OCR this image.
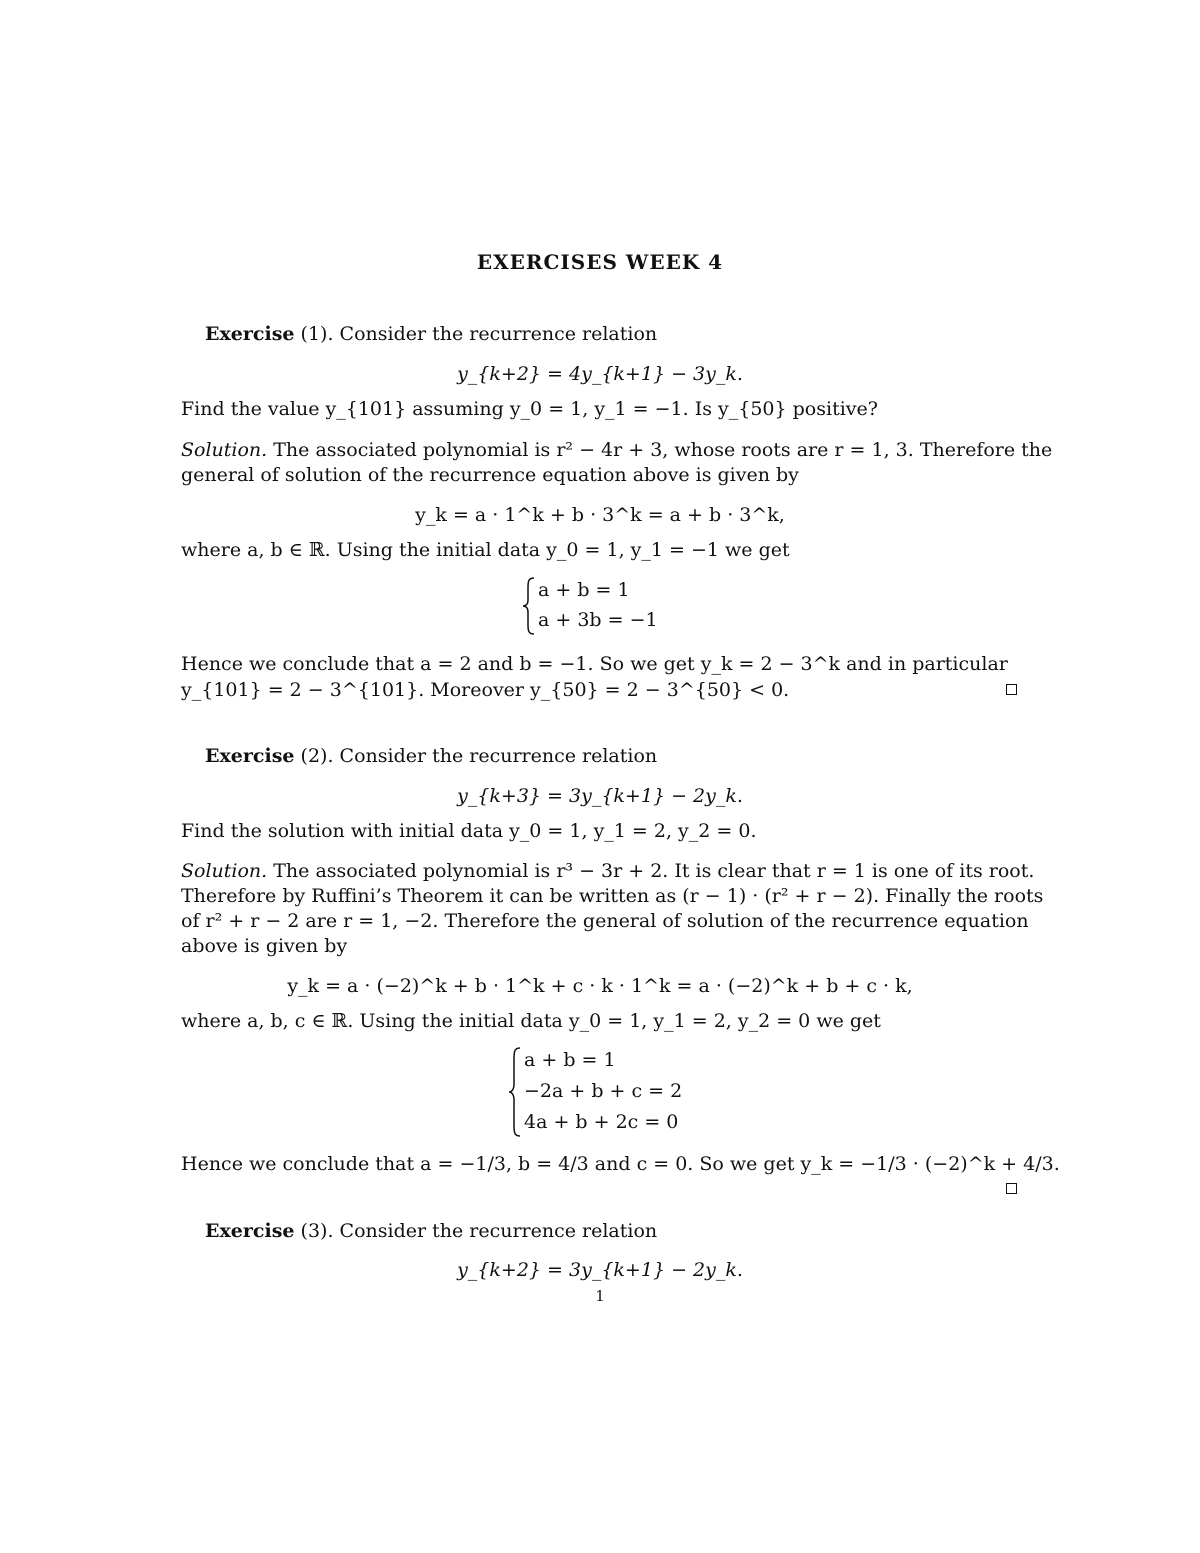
EXERCISES WEEK 4
Exercise (1). Consider the recurrence relation
y_{k+2} = 4y_{k+1} − 3y_k.
Find the value y_{101} assuming y_0 = 1, y_1 = −1. Is y_{50} positive?
Solution. The associated polynomial is r² − 4r + 3, whose roots are r = 1, 3. Therefore the
general of solution of the recurrence equation above is given by
y_k = a · 1^k + b · 3^k = a + b · 3^k,
where a, b ∈ ℝ. Using the initial data y_0 = 1, y_1 = −1 we get
a + b = 1
a + 3b = −1
Hence we conclude that a = 2 and b = −1. So we get y_k = 2 − 3^k and in particular
y_{101} = 2 − 3^{101}. Moreover y_{50} = 2 − 3^{50} < 0.
Exercise (2). Consider the recurrence relation
y_{k+3} = 3y_{k+1} − 2y_k.
Find the solution with initial data y_0 = 1, y_1 = 2, y_2 = 0.
Solution. The associated polynomial is r³ − 3r + 2. It is clear that r = 1 is one of its root.
Therefore by Ruffini’s Theorem it can be written as (r − 1) · (r² + r − 2). Finally the roots
of r² + r − 2 are r = 1, −2. Therefore the general of solution of the recurrence equation
above is given by
y_k = a · (−2)^k + b · 1^k + c · k · 1^k = a · (−2)^k + b + c · k,
where a, b, c ∈ ℝ. Using the initial data y_0 = 1, y_1 = 2, y_2 = 0 we get
a + b = 1
−2a + b + c = 2
4a + b + 2c = 0
Hence we conclude that a = −1/3, b = 4/3 and c = 0. So we get y_k = −1/3 · (−2)^k + 4/3.
Exercise (3). Consider the recurrence relation
y_{k+2} = 3y_{k+1} − 2y_k.
1
